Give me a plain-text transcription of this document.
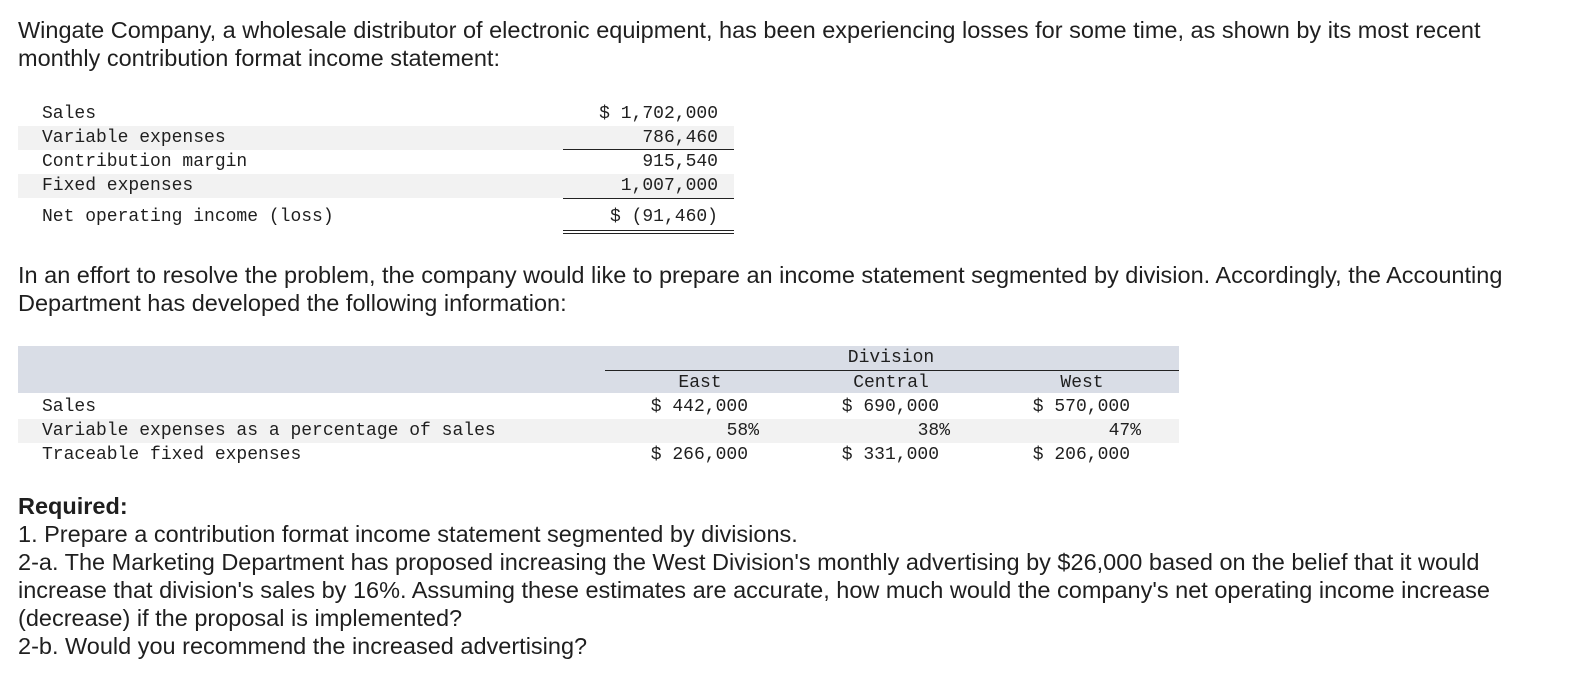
Wingate Company, a wholesale distributor of electronic equipment, has been experiencing losses for some time, as shown by its most recent monthly contribution format income statement:
Sales	$ 1,702,000
Variable expenses	786,460
Contribution margin	915,540
Fixed expenses	1,007,000
Net operating income (loss)	$ (91,460)
In an effort to resolve the problem, the company would like to prepare an income statement segmented by division. Accordingly, the Accounting Department has developed the following information:
Division
East	Central	West
Sales	$ 442,000	$ 690,000	$ 570,000
Variable expenses as a percentage of sales	58%	38%	47%
Traceable fixed expenses	$ 266,000	$ 331,000	$ 206,000
Required:
1. Prepare a contribution format income statement segmented by divisions.
2-a. The Marketing Department has proposed increasing the West Division's monthly advertising by $26,000 based on the belief that it would increase that division's sales by 16%. Assuming these estimates are accurate, how much would the company's net operating income increase (decrease) if the proposal is implemented?
2-b. Would you recommend the increased advertising?
